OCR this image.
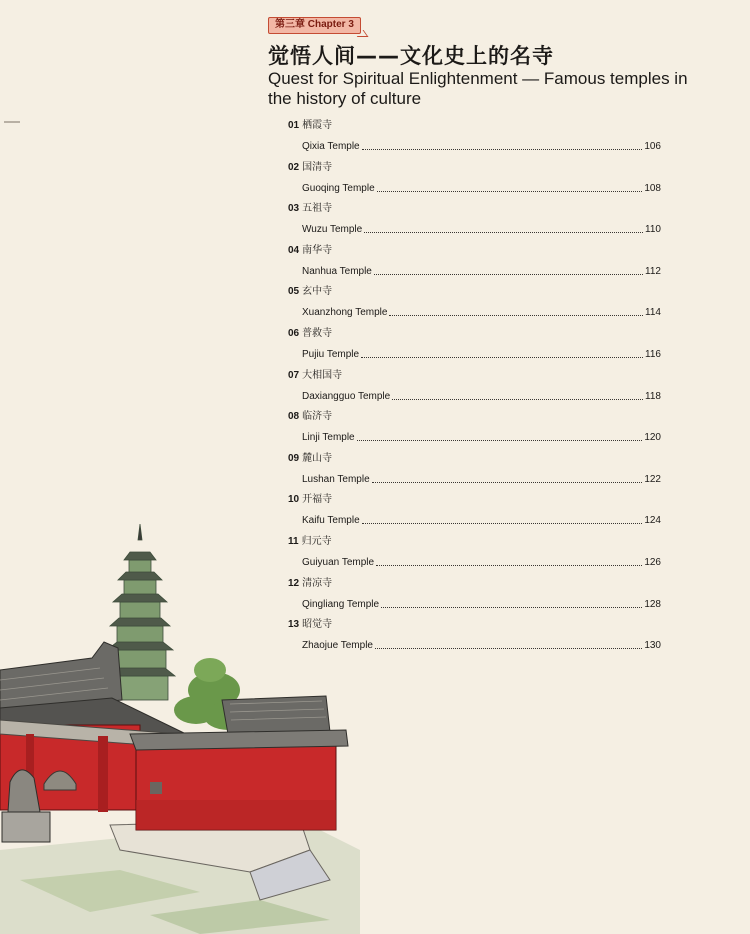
第三章 Chapter 3
觉悟人间——文化史上的名寺
Quest for Spiritual Enlightenment — Famous temples in the history of culture
01 栖霞寺
Qixia Temple	106
02 国清寺
Guoqing Temple	108
03 五祖寺
Wuzu Temple	110
04 南华寺
Nanhua Temple	112
05 玄中寺
Xuanzhong Temple	114
06 普救寺
Pujiu Temple	116
07 大相国寺
Daxiangguo Temple	118
08 临济寺
Linji Temple	120
09 麓山寺
Lushan Temple	122
10 开福寺
Kaifu Temple	124
11 归元寺
Guiyuan Temple	126
12 清凉寺
Qingliang Temple	128
13 昭觉寺
Zhaojue Temple	130
